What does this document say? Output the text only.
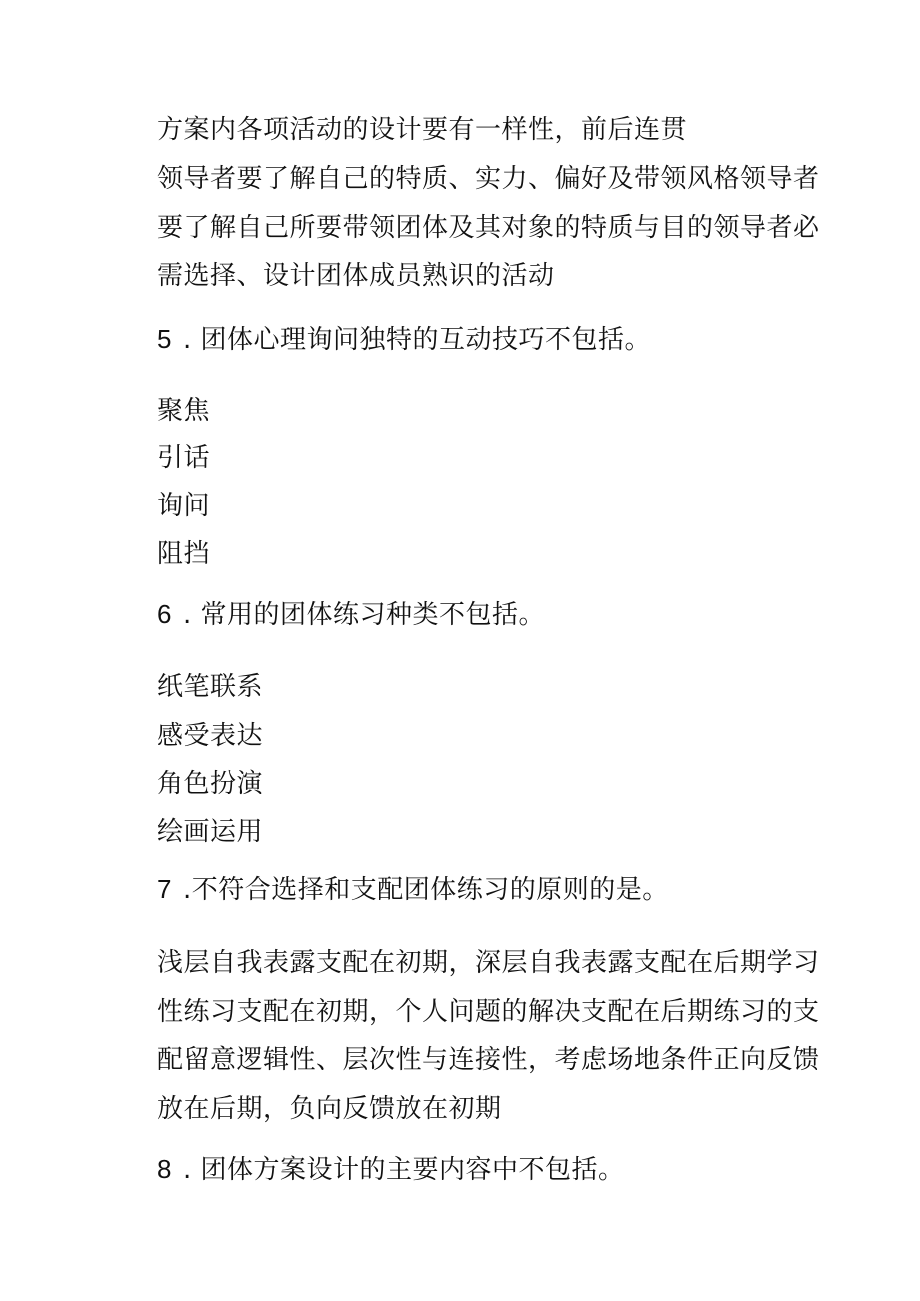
方案内各项活动的设计要有一样性，前后连贯
领导者要了解自己的特质、实力、偏好及带领风格领导者
要了解自己所要带领团体及其对象的特质与目的领导者必
需选择、设计团体成员熟识的活动
5 . 团体心理询问独特的互动技巧不包括。
聚焦
引话
询问
阻挡
6 . 常用的团体练习种类不包括。
纸笔联系
感受表达
角色扮演
绘画运用
7 .不符合选择和支配团体练习的原则的是。
浅层自我表露支配在初期，深层自我表露支配在后期学习
性练习支配在初期，个人问题的解决支配在后期练习的支
配留意逻辑性、层次性与连接性，考虑场地条件正向反馈
放在后期，负向反馈放在初期
8 . 团体方案设计的主要内容中不包括。
